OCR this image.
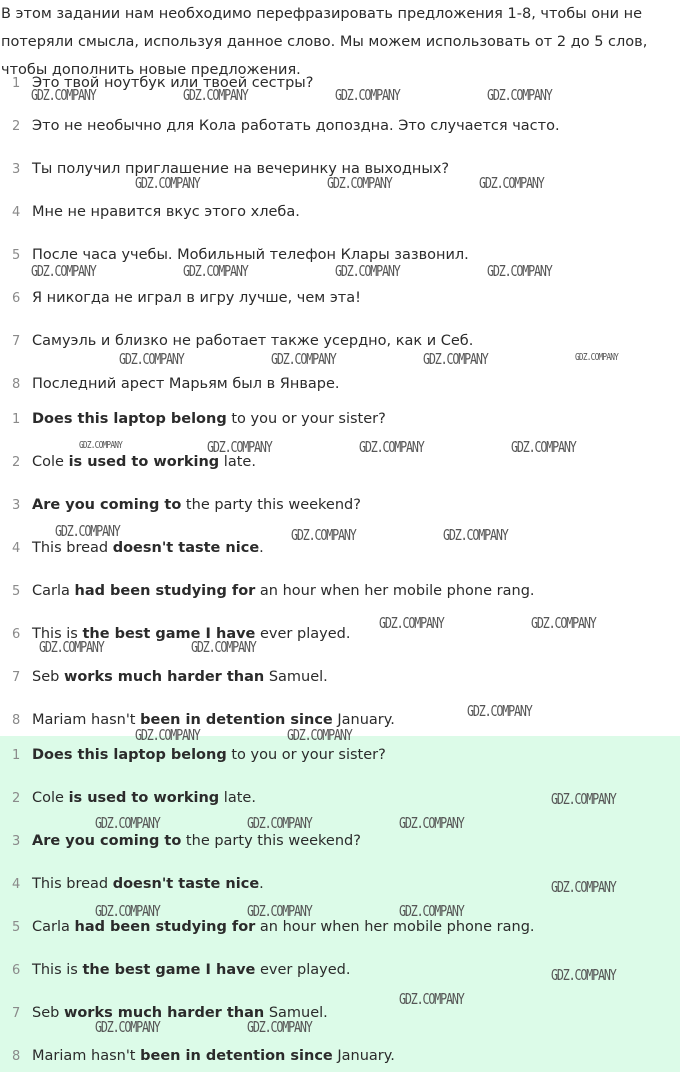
В этом задании нам необходимо перефразировать предложения 1-8, чтобы они не
потеряли смысла, используя данное слово. Мы можем использовать от 2 до 5 слов,
чтобы дополнить новые предложения.
1 Это твой ноутбук или твоей сестры?
2 Это не необычно для Кола работать допоздна. Это случается часто.
3 Ты получил приглашение на вечеринку на выходных?
4 Мне не нравится вкус этого хлеба.
5 После часа учебы. Мобильный телефон Клары зазвонил.
6 Я никогда не играл в игру лучше, чем эта!
7 Самуэль и близко не работает также усердно, как и Себ.
8 Последний арест Марьям был в Январе.
1 Does this laptop belong to you or your sister?
2 Cole is used to working late.
3 Are you coming to the party this weekend?
4 This bread doesn't taste nice.
5 Carla had been studying for an hour when her mobile phone rang.
6 This is the best game I have ever played.
7 Seb works much harder than Samuel.
8 Mariam hasn't been in detention since January.
1 Does this laptop belong to you or your sister?
2 Cole is used to working late.
3 Are you coming to the party this weekend?
4 This bread doesn't taste nice.
5 Carla had been studying for an hour when her mobile phone rang.
6 This is the best game I have ever played.
7 Seb works much harder than Samuel.
8 Mariam hasn't been in detention since January.
GDZ.COMPANY	GDZ.COMPANY	GDZ.COMPANY	GDZ.COMPANY
GDZ.COMPANY	GDZ.COMPANY	GDZ.COMPANY
GDZ.COMPANY	GDZ.COMPANY	GDZ.COMPANY	GDZ.COMPANY
GDZ.COMPANY	GDZ.COMPANY	GDZ.COMPANY	GDZ.COMPANY
GDZ.COMPANY	GDZ.COMPANY	GDZ.COMPANY	GDZ.COMPANY
GDZ.COMPANY	GDZ.COMPANY	GDZ.COMPANY
GDZ.COMPANY	GDZ.COMPANY
GDZ.COMPANY	GDZ.COMPANY
GDZ.COMPANY
GDZ.COMPANY	GDZ.COMPANY
GDZ.COMPANY
GDZ.COMPANY	GDZ.COMPANY	GDZ.COMPANY
GDZ.COMPANY
GDZ.COMPANY	GDZ.COMPANY	GDZ.COMPANY
GDZ.COMPANY
GDZ.COMPANY
GDZ.COMPANY	GDZ.COMPANY
